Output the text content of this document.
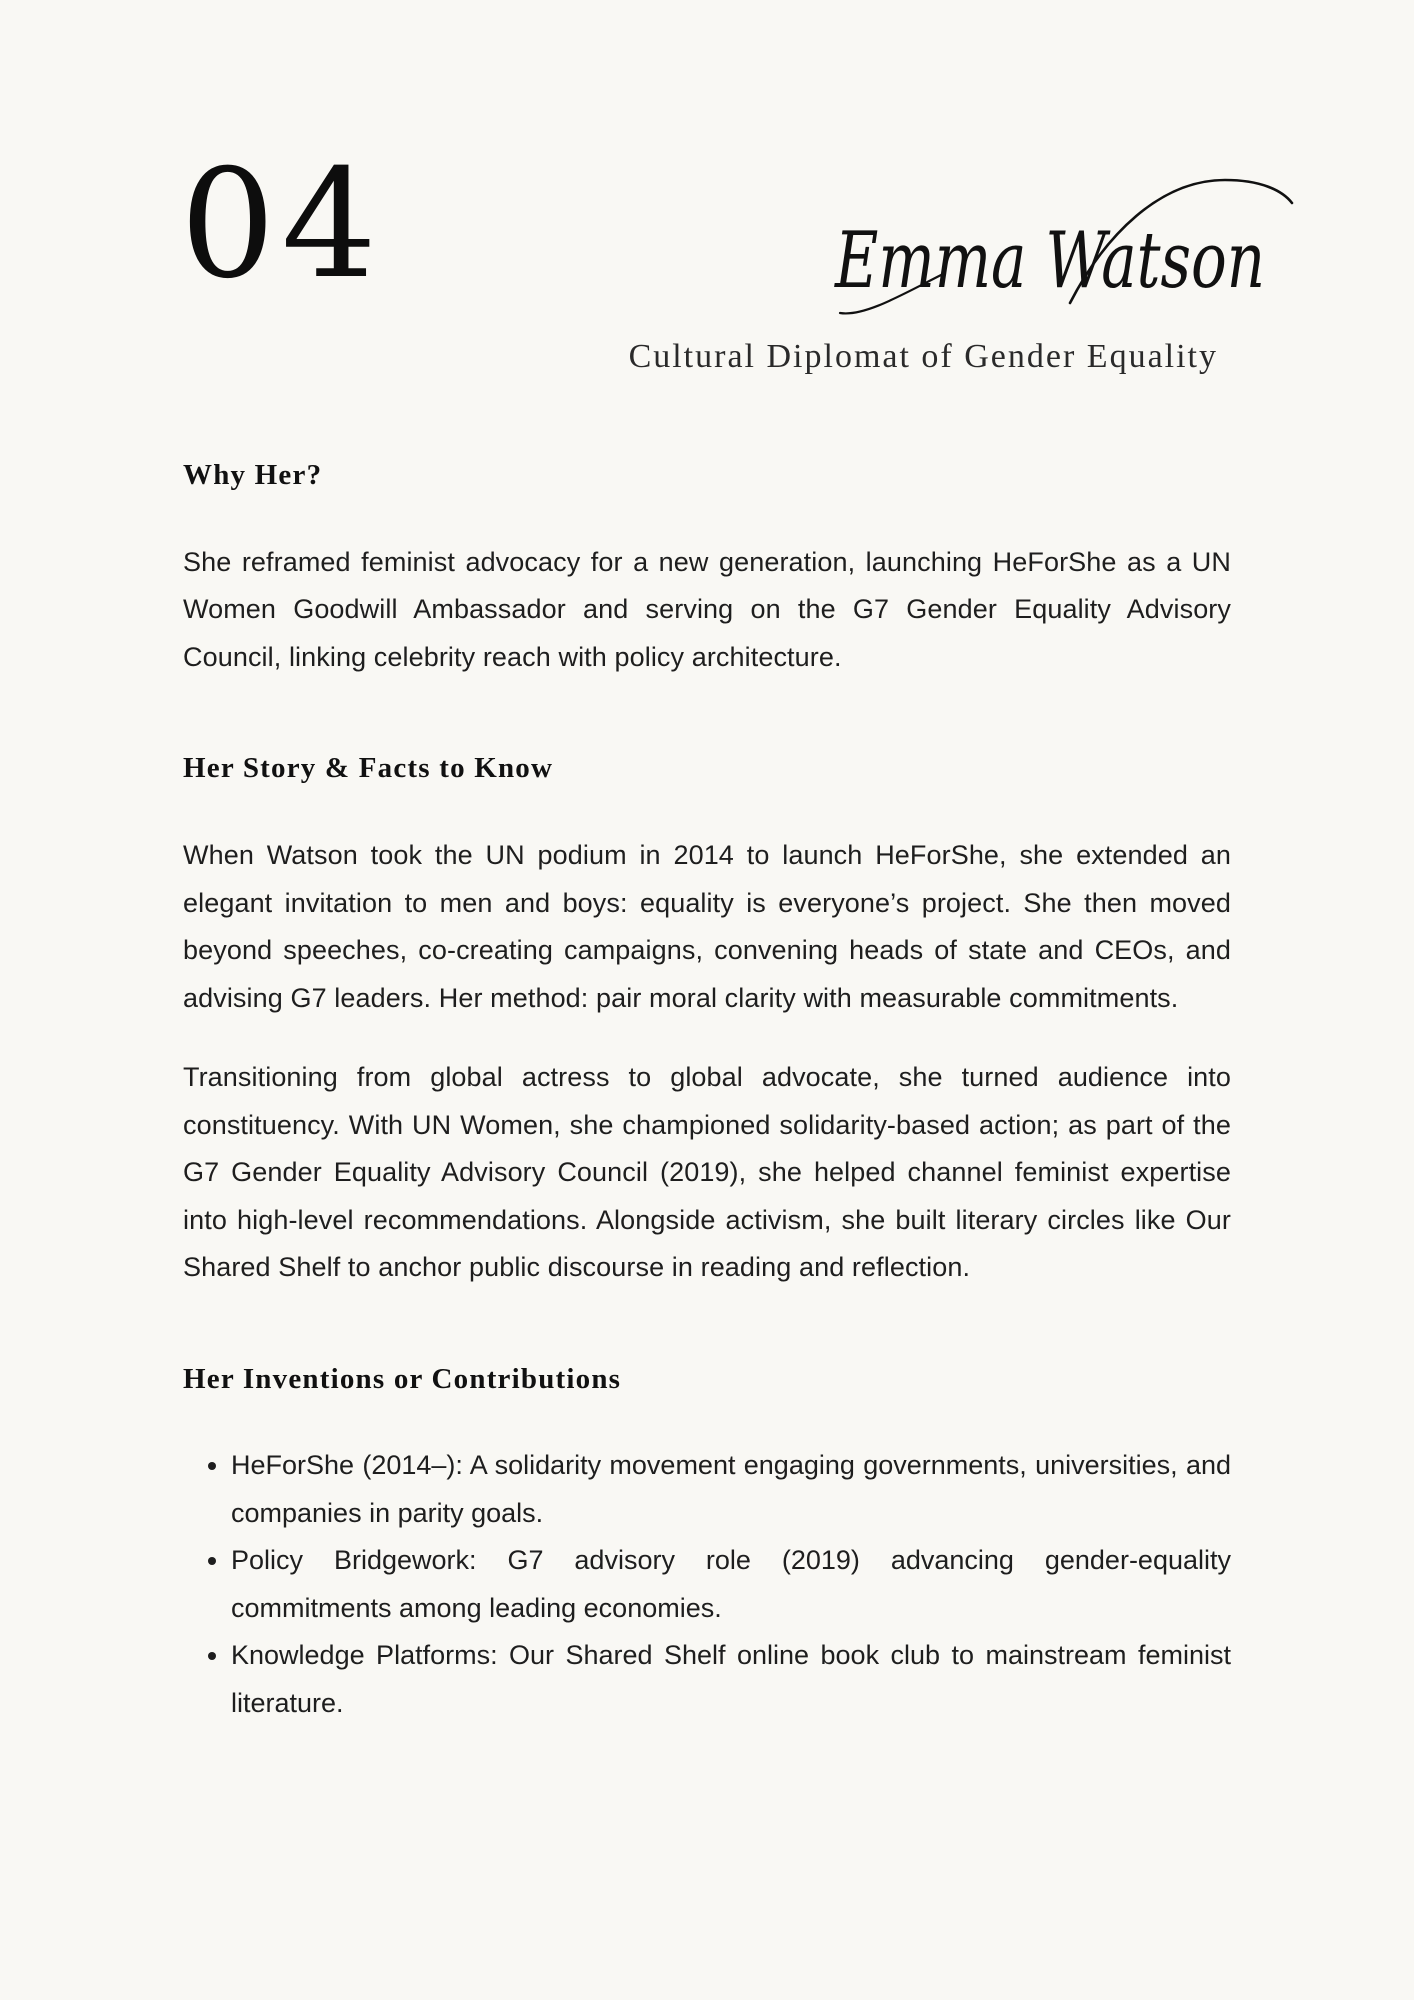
04	Emma Watson

Cultural Diplomat of Gender Equality

Why Her?

She reframed feminist advocacy for a new generation, launching HeForShe as a UN Women Goodwill Ambassador and serving on the G7 Gender Equality Advisory Council, linking celebrity reach with policy architecture.

Her Story & Facts to Know

When Watson took the UN podium in 2014 to launch HeForShe, she extended an elegant invitation to men and boys: equality is everyone’s project. She then moved beyond speeches, co-creating campaigns, convening heads of state and CEOs, and advising G7 leaders. Her method: pair moral clarity with measurable commitments.

Transitioning from global actress to global advocate, she turned audience into constituency. With UN Women, she championed solidarity-based action; as part of the G7 Gender Equality Advisory Council (2019), she helped channel feminist expertise into high-level recommendations. Alongside activism, she built literary circles like Our Shared Shelf to anchor public discourse in reading and reflection.

Her Inventions or Contributions
• HeForShe (2014–): A solidarity movement engaging governments, universities, and companies in parity goals.
• Policy Bridgework: G7 advisory role (2019) advancing gender-equality commitments among leading economies.
• Knowledge Platforms: Our Shared Shelf online book club to mainstream feminist literature.
